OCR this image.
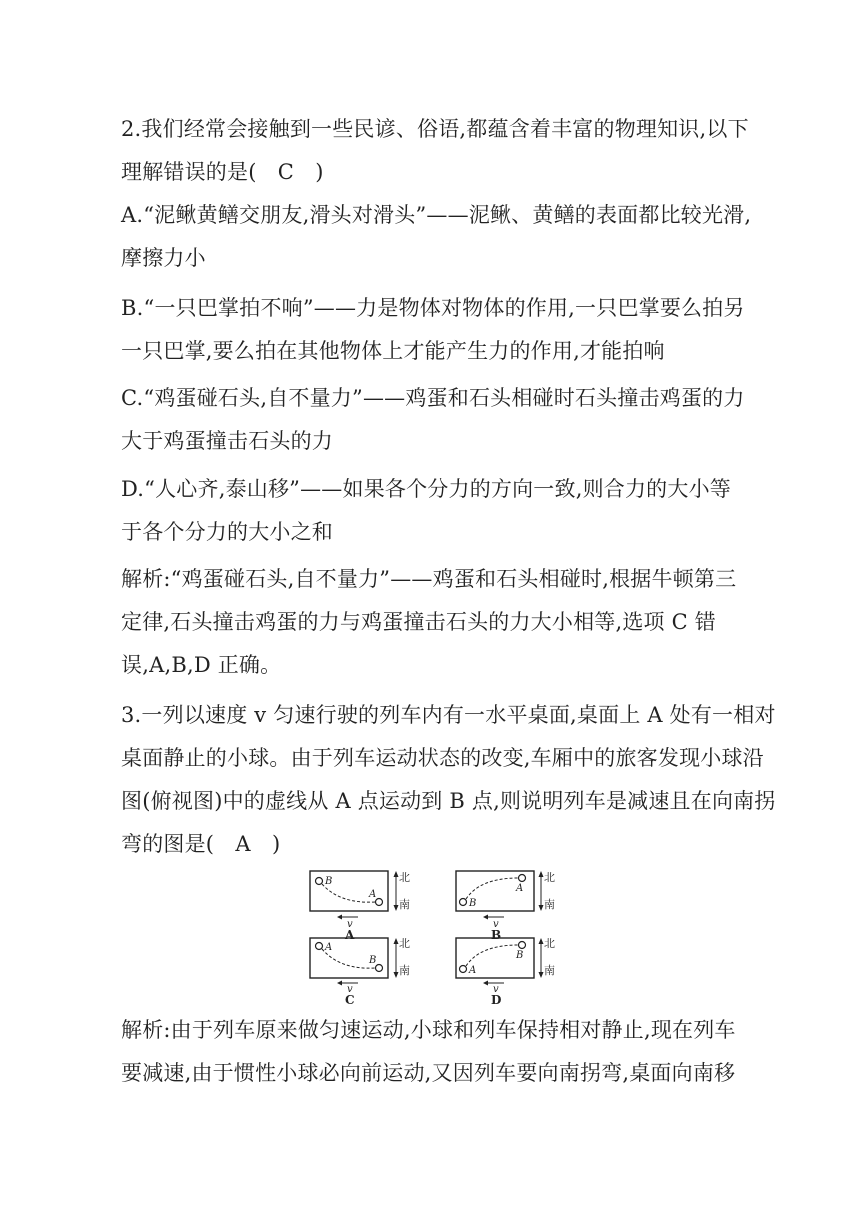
2.我们经常会接触到一些民谚、俗语,都蕴含着丰富的物理知识,以下
理解错误的是(　C　)
A.“泥鳅黄鳝交朋友,滑头对滑头”——泥鳅、黄鳝的表面都比较光滑,
摩擦力小
B.“一只巴掌拍不响”——力是物体对物体的作用,一只巴掌要么拍另
一只巴掌,要么拍在其他物体上才能产生力的作用,才能拍响
C.“鸡蛋碰石头,自不量力”——鸡蛋和石头相碰时石头撞击鸡蛋的力
大于鸡蛋撞击石头的力
D.“人心齐,泰山移”——如果各个分力的方向一致,则合力的大小等
于各个分力的大小之和
解析:“鸡蛋碰石头,自不量力”——鸡蛋和石头相碰时,根据牛顿第三
定律,石头撞击鸡蛋的力与鸡蛋撞击石头的力大小相等,选项 C 错
误,A,B,D 正确。
3.一列以速度 v 匀速行驶的列车内有一水平桌面,桌面上 A 处有一相对
桌面静止的小球。由于列车运动状态的改变,车厢中的旅客发现小球沿
图(俯视图)中的虚线从 A 点运动到 B 点,则说明列车是减速且在向南拐
弯的图是(　A　)
B
A
北
南
v
A
B
A
北
南
v
B
A
B
北
南
v
C
A
B
北
南
v
D
解析:由于列车原来做匀速运动,小球和列车保持相对静止,现在列车
要减速,由于惯性小球必向前运动,又因列车要向南拐弯,桌面向南移
